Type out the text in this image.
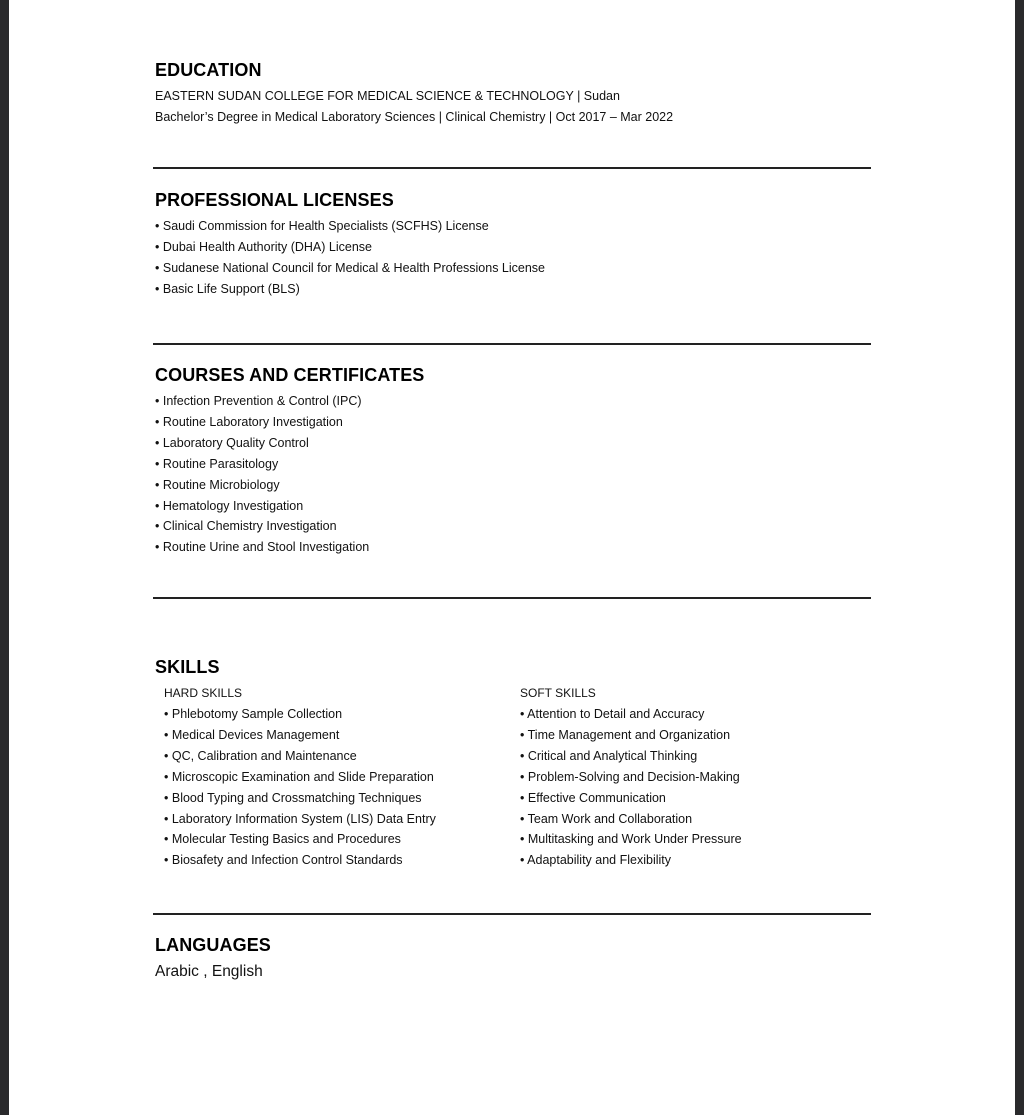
EDUCATION
EASTERN SUDAN COLLEGE FOR MEDICAL SCIENCE & TECHNOLOGY | Sudan
Bachelor’s Degree in Medical Laboratory Sciences | Clinical Chemistry | Oct 2017 – Mar 2022
PROFESSIONAL LICENSES
• Saudi Commission for Health Specialists (SCFHS) License
• Dubai Health Authority (DHA) License
• Sudanese National Council for Medical & Health Professions License
• Basic Life Support (BLS)
COURSES AND CERTIFICATES
• Infection Prevention & Control (IPC)
• Routine Laboratory Investigation
• Laboratory Quality Control
• Routine Parasitology
• Routine Microbiology
• Hematology Investigation
• Clinical Chemistry Investigation
• Routine Urine and Stool Investigation
SKILLS
HARD SKILLS
• Phlebotomy Sample Collection
• Medical Devices Management
• QC, Calibration and Maintenance
• Microscopic Examination and Slide Preparation
• Blood Typing and Crossmatching Techniques
• Laboratory Information System (LIS) Data Entry
• Molecular Testing Basics and Procedures
• Biosafety and Infection Control Standards
SOFT SKILLS
• Attention to Detail and Accuracy
• Time Management and Organization
• Critical and Analytical Thinking
• Problem-Solving and Decision-Making
• Effective Communication
• Team Work and Collaboration
• Multitasking and Work Under Pressure
• Adaptability and Flexibility
LANGUAGES
Arabic , English
